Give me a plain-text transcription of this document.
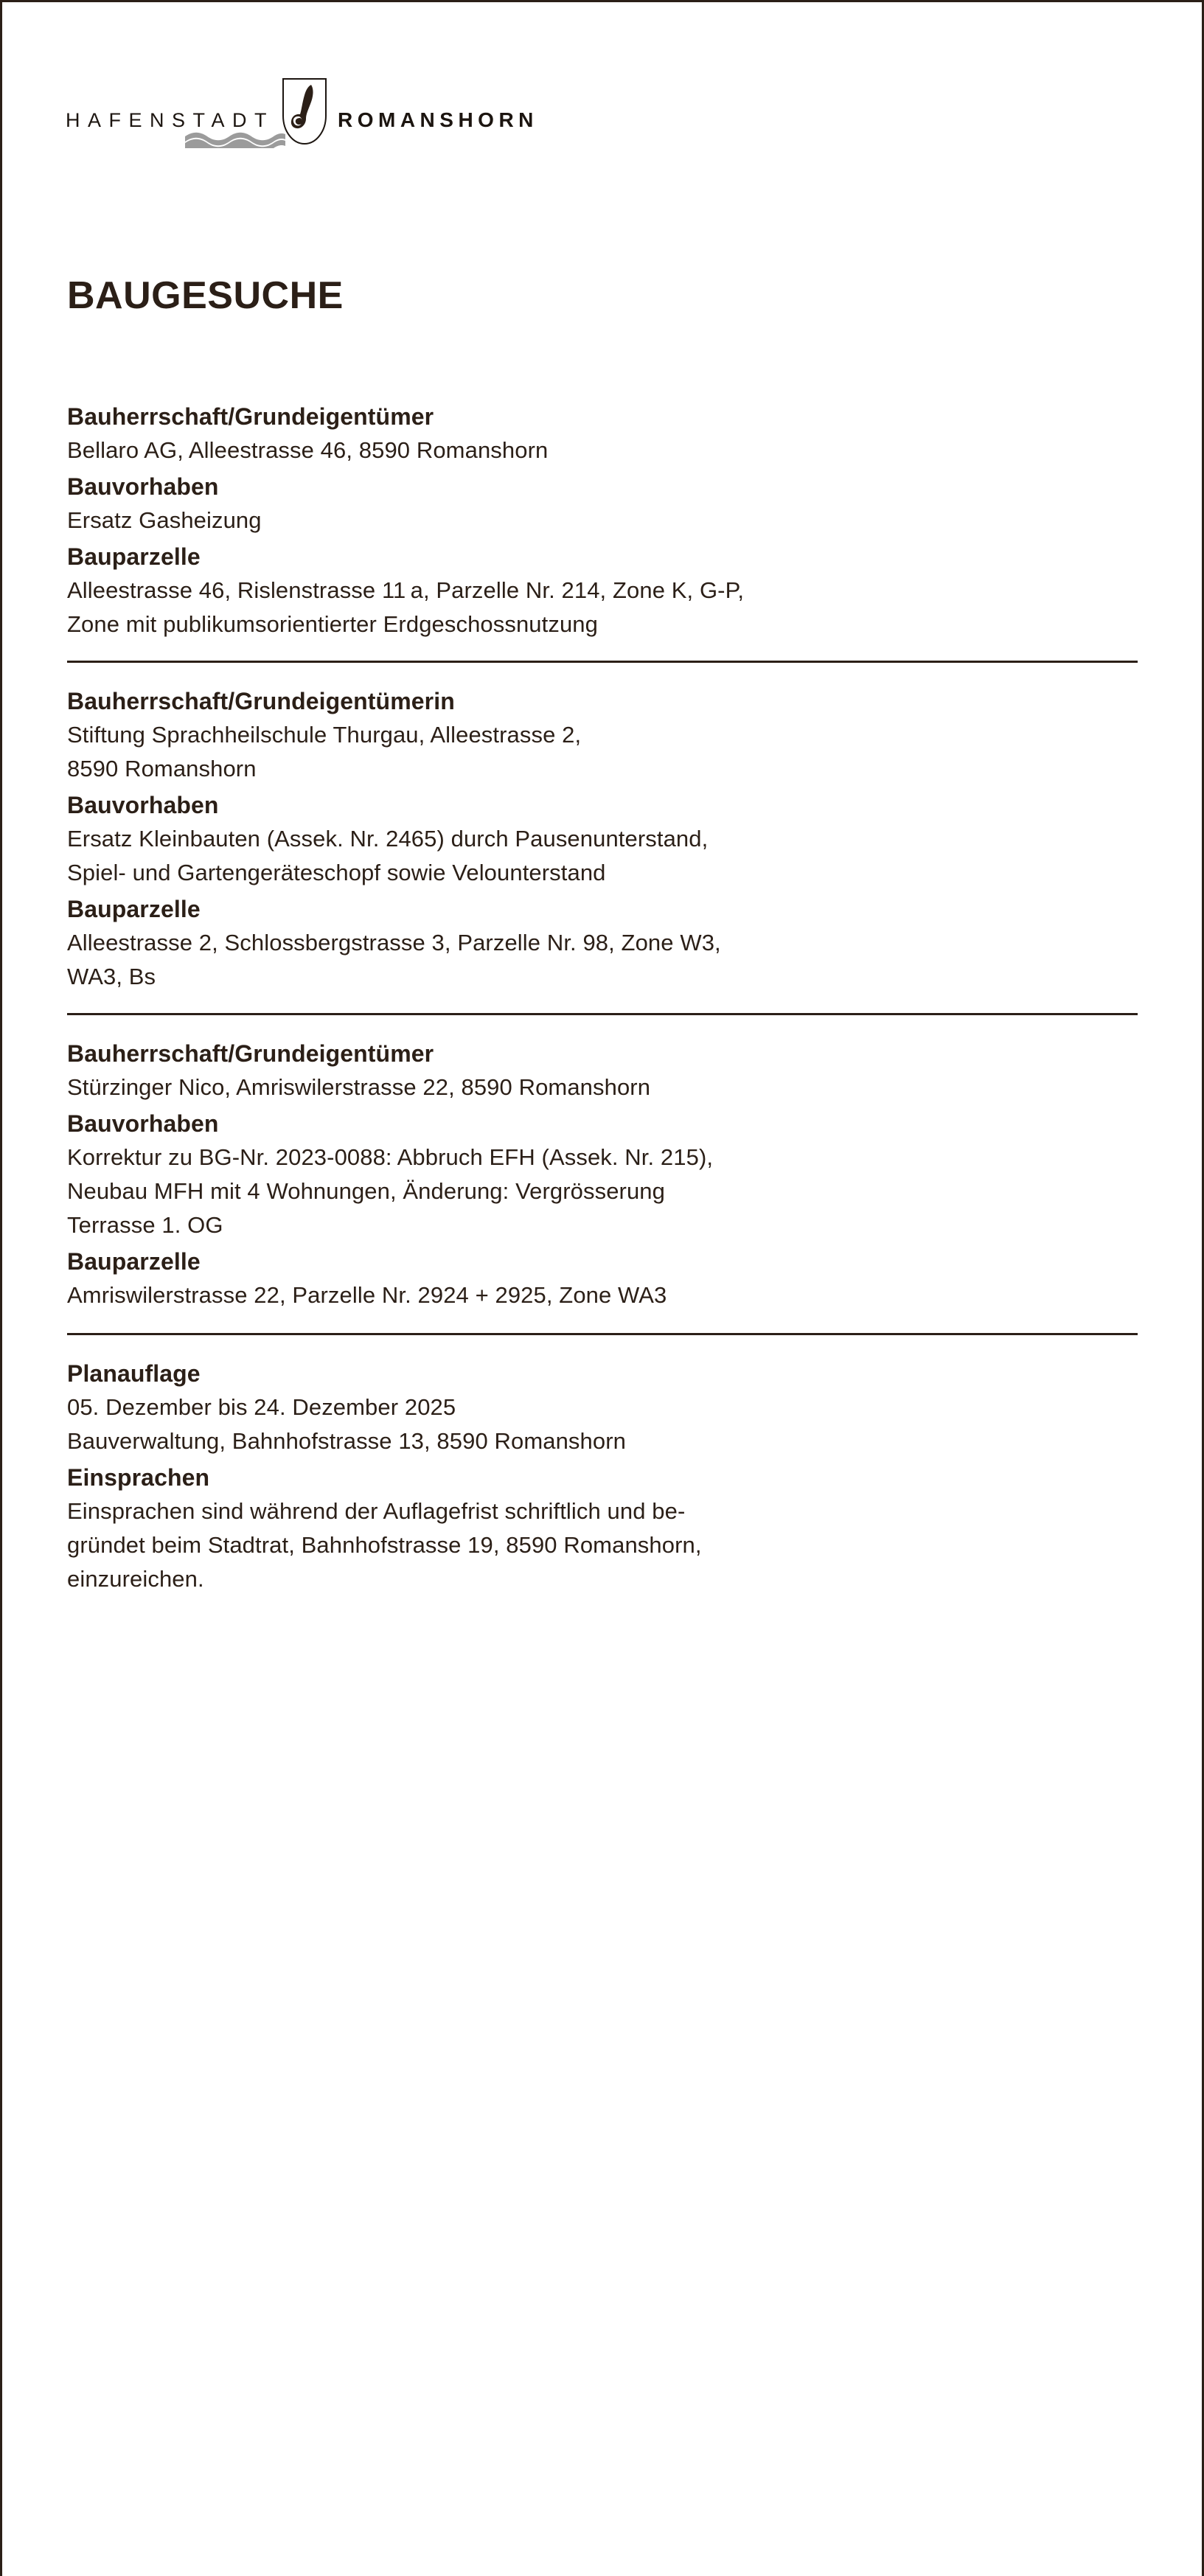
HAFENSTADT	ROMANSHORN
BAUGESUCHE
Bauherrschaft/Grundeigentümer
Bellaro AG, Alleestrasse 46, 8590 Romanshorn
Bauvorhaben
Ersatz Gasheizung
Bauparzelle
Alleestrasse 46, Rislenstrasse 11 a, Parzelle Nr. 214, Zone K, G-P,
Zone mit publikumsorientierter Erdgeschossnutzung
Bauherrschaft/Grundeigentümerin
Stiftung Sprachheilschule Thurgau, Alleestrasse 2,
8590 Romanshorn
Bauvorhaben
Ersatz Kleinbauten (Assek. Nr. 2465) durch Pausenunterstand,
Spiel- und Gartengeräteschopf sowie Velounterstand
Bauparzelle
Alleestrasse 2, Schlossbergstrasse 3, Parzelle Nr. 98, Zone W3,
WA3, Bs
Bauherrschaft/Grundeigentümer
Stürzinger Nico, Amriswilerstrasse 22, 8590 Romanshorn
Bauvorhaben
Korrektur zu BG-Nr. 2023-0088: Abbruch EFH (Assek. Nr. 215),
Neubau MFH mit 4 Wohnungen, Änderung: Vergrösserung
Terrasse 1. OG
Bauparzelle
Amriswilerstrasse 22, Parzelle Nr. 2924 + 2925, Zone WA3
Planauflage
05. Dezember bis 24. Dezember 2025
Bauverwaltung, Bahnhofstrasse 13, 8590 Romanshorn
Einsprachen
Einsprachen sind während der Auflagefrist schriftlich und be-
gründet beim Stadtrat, Bahnhofstrasse 19, 8590 Romanshorn,
einzureichen.
